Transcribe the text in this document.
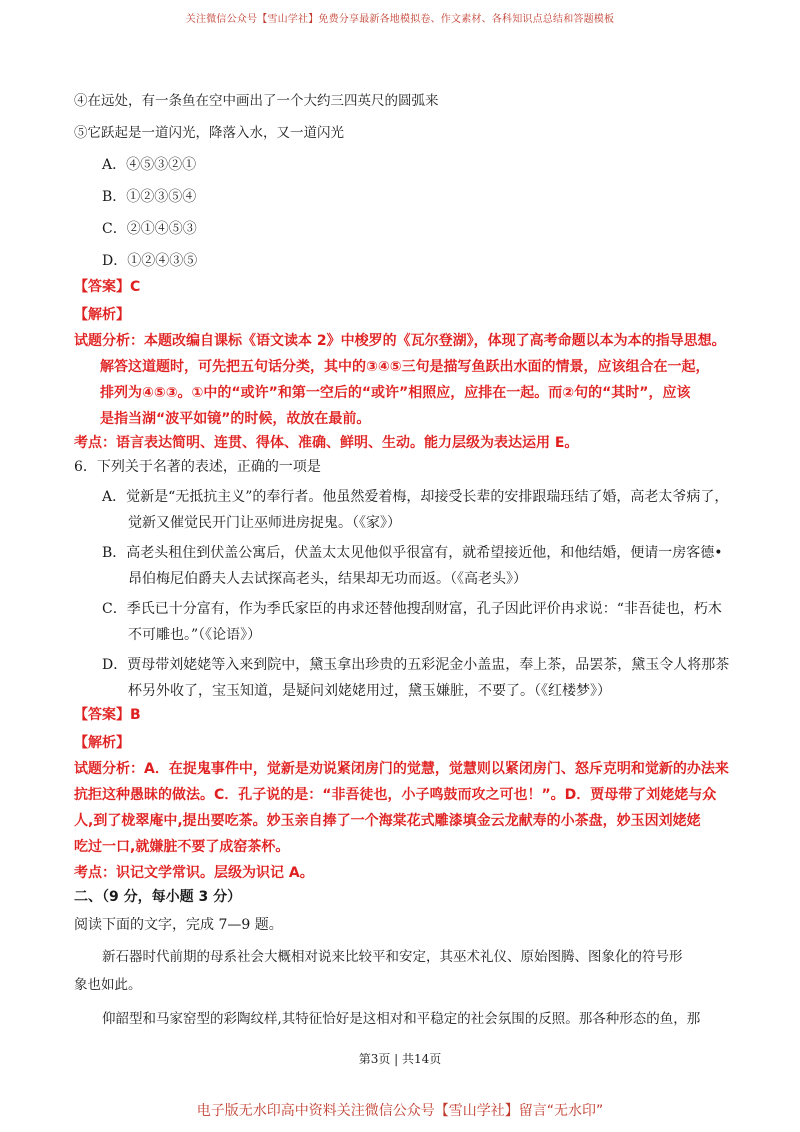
关注微信公众号【雪山学社】免费分享最新各地模拟卷、作文素材、各科知识点总结和答题模板

④在远处，有一条鱼在空中画出了一个大约三四英尺的圆弧来

⑤它跃起是一道闪光，降落入水，又一道闪光

A．④⑤③②①

B．①②③⑤④

C．②①④⑤③

D．①②④③⑤

【答案】C

【解析】

试题分析：本题改编自课标《语文读本 2》中梭罗的《瓦尔登湖》，体现了高考命题以本为本的指导思想。

解答这道题时，可先把五句话分类，其中的③④⑤三句是描写鱼跃出水面的情景，应该组合在一起，

排列为④⑤③。①中的“或许”和第一空后的“或许”相照应，应排在一起。而②句的“其时”，应该

是指当湖“波平如镜”的时候，故放在最前。

考点：语言表达简明、连贯、得体、准确、鲜明、生动。能力层级为表达运用 E。

6．下列关于名著的表述，正确的一项是

A．觉新是“无抵抗主义”的奉行者。他虽然爱着梅，却接受长辈的安排跟瑞珏结了婚，高老太爷病了，

觉新又催觉民开门让巫师进房捉鬼。（《家》）

B．高老头租住到伏盖公寓后，伏盖太太见他似乎很富有，就希望接近他，和他结婚，便请一房客德•

昂伯梅尼伯爵夫人去试探高老头，结果却无功而返。（《高老头》）

C．季氏已十分富有，作为季氏家臣的冉求还替他搜刮财富，孔子因此评价冉求说：“非吾徒也，朽木

不可雕也。”（《论语》）

D．贾母带刘姥姥等入来到院中，黛玉拿出珍贵的五彩泥金小盖盅，奉上茶，品罢茶，黛玉令人将那茶

杯另外收了，宝玉知道，是疑问刘姥姥用过，黛玉嫌脏，不要了。（《红楼梦》）

【答案】B

【解析】

试题分析：A．在捉鬼事件中，觉新是劝说紧闭房门的觉慧，觉慧则以紧闭房门、怒斥克明和觉新的办法来

抗拒这种愚昧的做法。C．孔子说的是：“非吾徒也，小子鸣鼓而攻之可也！”。D．贾母带了刘姥姥与众

人,到了栊翠庵中,提出要吃茶。妙玉亲自捧了一个海棠花式雕漆填金云龙献寿的小茶盘，妙玉因刘姥姥

吃过一口,就嫌脏不要了成窑茶杯。

考点：识记文学常识。层级为识记 A。

二、（9 分，每小题 3 分）

阅读下面的文字，完成 7—9 题。

新石器时代前期的母系社会大概相对说来比较平和安定，其巫术礼仪、原始图腾、图象化的符号形

象也如此。

仰韶型和马家窑型的彩陶纹样,其特征恰好是这相对和平稳定的社会氛围的反照。那各种形态的鱼，那

第3页 | 共14页
电子版无水印高中资料关注微信公众号【雪山学社】留言“无水印”
